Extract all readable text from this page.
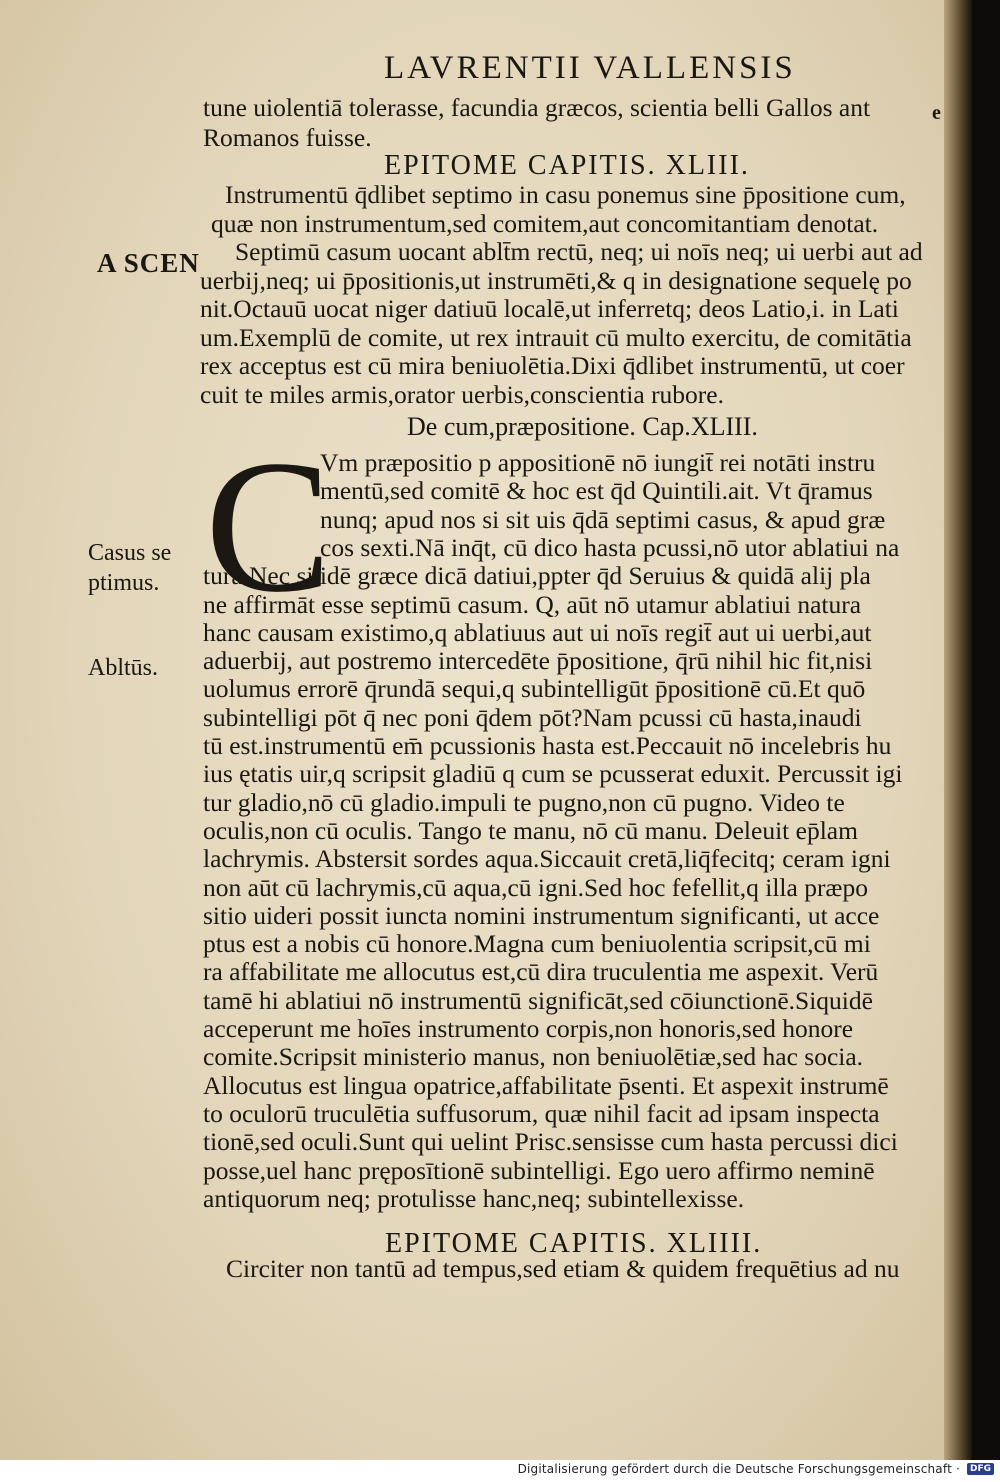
LAVRENTII VALLENSIS
e
tune uiolentiā tolerasse, facundia græcos, scientia belli Gallos ant
Romanos fuisse.
EPITOME CAPITIS. XLIII.
Instrumentū q̄dlibet septimo in casu ponemus sine p̄positione cum,
quæ non instrumentum,sed comitem,aut concomitantiam denotat.
Septimū casum uocant ablt̄m rectū, neq; ui noīs neq; ui uerbi aut ad
uerbij,neq; ui p̄positionis,ut instrumēti,& q in designatione sequelę po
nit.Octauū uocat niger datiuū localē,ut inferretq; deos Latio,i. in Lati
um.Exemplū de comite, ut rex intrauit cū multo exercitu, de comitātia
rex acceptus est cū mira beniuolētia.Dixi q̄dlibet instrumentū, ut coer
cuit te miles armis,orator uerbis,conscientia rubore.
De cum,præpositione. Cap.XLIII.
C
Vm præpositio p appositionē nō iungit̄ rei notāti instru
mentū,sed comitē & hoc est q̄d Quintili.ait. Vt q̄ramus
nunq; apud nos si sit uis q̄dā septimi casus, & apud græ
cos sexti.Nā inq̄t, cū dico hasta pcussi,nō utor ablatiui na
tura.Nec si idē græce dicā datiui,ppter q̄d Seruius & quidā alij pla
ne affirmāt esse septimū casum. Q, aūt nō utamur ablatiui natura
hanc causam existimo,q ablatiuus aut ui noīs regit̄ aut ui uerbi,aut
aduerbij, aut postremo intercedēte p̄positione, q̄rū nihil hic fit,nisi
uolumus errorē q̄rundā sequi,q subintelligūt p̄positionē cū.Et quō
subintelligi pōt q̄ nec poni q̄dem pōt?Nam pcussi cū hasta,inaudi
tū est.instrumentū em̄ pcussionis hasta est.Peccauit nō incelebris hu
ius ętatis uir,q scripsit gladiū q cum se pcusserat eduxit. Percussit igi
tur gladio,nō cū gladio.impuli te pugno,non cū pugno. Video te
oculis,non cū oculis. Tango te manu, nō cū manu. Deleuit ep̄lam
lachrymis. Abstersit sordes aqua.Siccauit cretā,liq̄fecitq; ceram igni
non aūt cū lachrymis,cū aqua,cū igni.Sed hoc fefellit,q illa præpo
sitio uideri possit iuncta nomini instrumentum significanti, ut acce
ptus est a nobis cū honore.Magna cum beniuolentia scripsit,cū mi
ra affabilitate me allocutus est,cū dira truculentia me aspexit. Verū
tamē hi ablatiui nō instrumentū significāt,sed cōiunctionē.Siquidē
acceperunt me hoīes instrumento corpis,non honoris,sed honore
comite.Scripsit ministerio manus, non beniuolētiæ,sed hac socia.
Allocutus est lingua opatrice,affabilitate p̄senti. Et aspexit instrumē
to oculorū truculētia suffusorum, quæ nihil facit ad ipsam inspecta
tionē,sed oculi.Sunt qui uelint Prisc.sensisse cum hasta percussi dici
posse,uel hanc pręposītionē subintelligi. Ego uero affirmo neminē
antiquorum neq; protulisse hanc,neq; subintellexisse.
EPITOME CAPITIS. XLIIII.
Circiter non tantū ad tempus,sed etiam & quidem frequētius ad nu
A SCEN
Casus se
ptimus.
Abltūs.
Digitalisierung gefördert durch die Deutsche Forschungsgemeinschaft ·	DFG
